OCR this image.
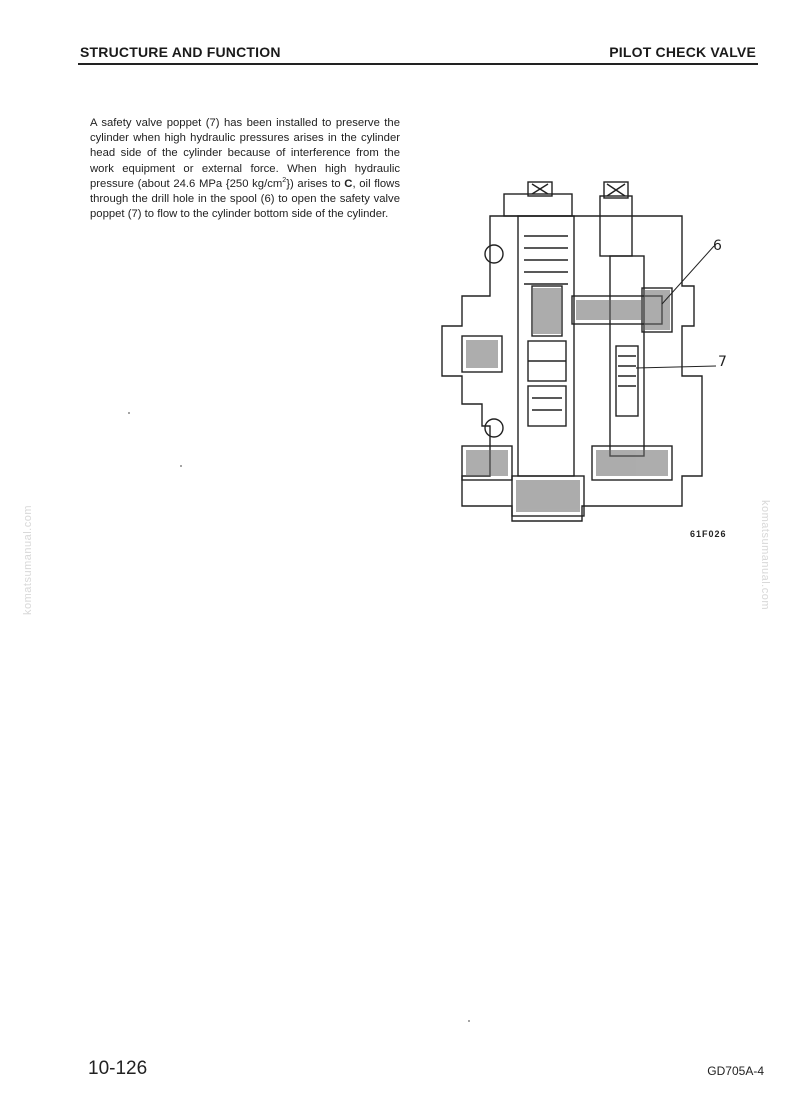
STRUCTURE AND FUNCTION	PILOT CHECK VALVE

A safety valve poppet (7) has been installed to preserve the cylinder when high hydraulic pressures arises in the cylinder head side of the cylinder because of interference from the work equipment or external force. When high hydraulic pressure (about 24.6 MPa {250 $kg/cm^2$}) arises to C, oil flows through the drill hole in the spool (6) to open the safety valve poppet (7) to flow to the cylinder bottom side of the cylinder.

6
7
61F026
komatsumanual.com	komatsumanual.com
10-126	GD705A-4
